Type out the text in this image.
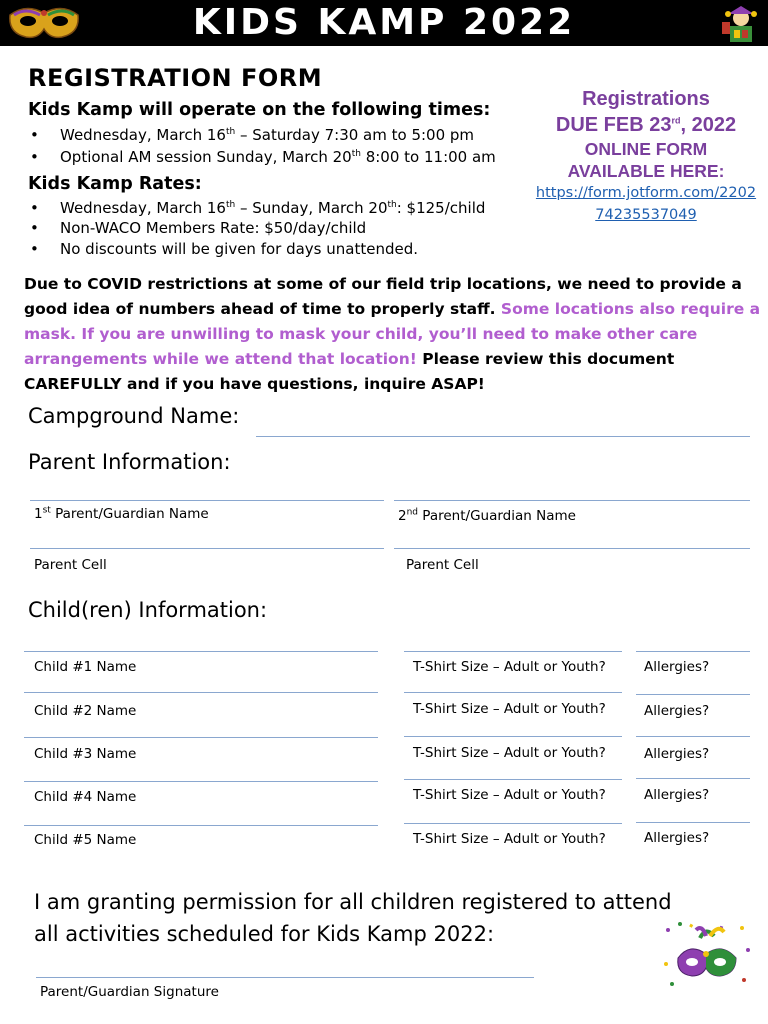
KIDS KAMP 2022
REGISTRATION FORM
Kids Kamp will operate on the following times:
• Wednesday, March 16th – Saturday 7:30 am to 5:00 pm
• Optional AM session Sunday, March 20th 8:00 to 11:00 am
Kids Kamp Rates:
• Wednesday, March 16th – Sunday, March 20th: $125/child
• Non-WACO Members Rate: $50/day/child
• No discounts will be given for days unattended.
Registrations
DUE FEB 23rd, 2022
ONLINE FORM
AVAILABLE HERE:
https://form.jotform.com/2202
74235537049
Due to COVID restrictions at some of our field trip locations, we need to provide a good idea of numbers ahead of time to properly staff. Some locations also require a mask. If you are unwilling to mask your child, you’ll need to make other care arrangements while we attend that location! Please review this document CAREFULLY and if you have questions, inquire ASAP!
Campground Name:
Parent Information:
1st Parent/Guardian Name	2nd Parent/Guardian Name
Parent Cell	Parent Cell
Child(ren) Information:
Child #1 Name	T-Shirt Size – Adult or Youth?	Allergies?
Child #2 Name	T-Shirt Size – Adult or Youth?	Allergies?
Child #3 Name	T-Shirt Size – Adult or Youth?	Allergies?
Child #4 Name	T-Shirt Size – Adult or Youth?	Allergies?
Child #5 Name	T-Shirt Size – Adult or Youth?	Allergies?
I am granting permission for all children registered to attend all activities scheduled for Kids Kamp 2022:
Parent/Guardian Signature
